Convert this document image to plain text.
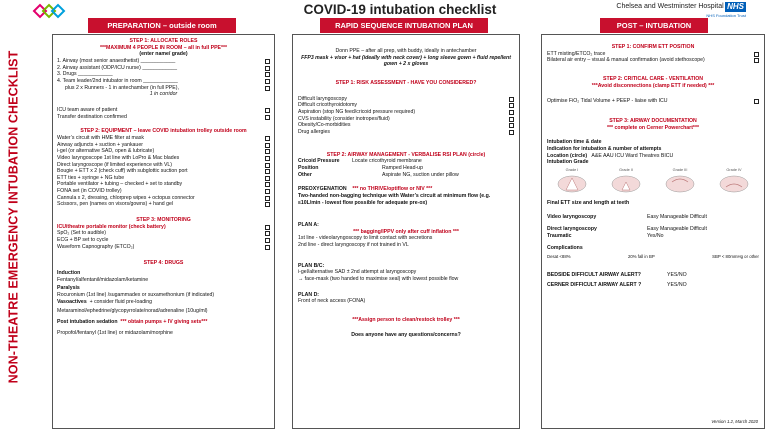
NON-THEATRE EMERGENCY INTUBATION CHECKLIST
COVID-19 intubation checklist	Chelsea and Westminster Hospital NHS
NHS Foundation Trust
PREPARATION – outside room	RAPID SEQUENCE INTUBATION PLAN	POST – INTUBATION
STEP 1: ALLOCATE ROLES
***MAXIMUM 4 PEOPLE IN ROOM – all in full PPE***
(enter name/ grade)
1. Airway (most senior anaesthetist) ____________
2. Airway assistant (ODP/ICU nurse) ____________
3. Drugs ____________
4. Team leader/2nd intubator in room ____________
plus 2 x Runners - 1 in antechamber (in full PPE),
1 in corridor
ICU team aware of patient
Transfer destination confirmed
STEP 2: EQUIPMENT – leave COVID intubation trolley outside room
Water’s circuit with HME filter at mask
Airway adjuncts + suction + yankauer
i-gel (or alternative SAD, open & lubricate)
Video laryngoscope 1st line with LoPro & Mac blades
Direct laryngoscope (if limited experience with VL)
Bougie + ETT x 2 (check cuff) with subglottic suction port
ETT ties + syringe + NG tube
Portable ventilator + tubing – checked + set to standby
FONA set (in COVID trolley)
Cannula x 2, dressing, chlorprep wipes + octopus connector
Scissors, pen (names on visors/gowns) + hand gel
STEP 3: MONITORING
ICU/theatre portable monitor (check battery)
SpO₂ (Set to audible)
ECG + BP set to cycle
Waveform Capnography (ETCO₂)
STEP 4: DRUGS
Induction
Fentanyl/alfentanil/midazolam/ketamine
Paralysis
Rocuronium (1st line) /sugammadex or suxamethonium (if indicated)
Vasoactives + consider fluid pre-loading
Metaraminol/ephedrine/glycopyrrolate/norad/adrenaline (10ug/ml)
Post intubation sedation *** obtain pumps + IV giving sets***
Propofol/fentanyl (1st line) or midazolam/morphine
Donn PPE – after all prep, with buddy, ideally in antechamber
FFP3 mask + visor + hat (ideally with neck cover) + long sleeve gown + fluid repellent gown + 2 x gloves
STEP 1: RISK ASSESSMENT - HAVE YOU CONSIDERED?
Difficult laryngoscopy
Difficult cricothyroidotomy
Aspiration (stop NG feed/cricoid pressure required)
CVS instability (consider inotropes/fluid)
Obesity/Co-morbidities
Drug allergies
STEP 2: AIRWAY MANAGEMENT - VERBALISE RSI PLAN (circle)
Cricoid Pressure	Locate cricothyroid membrane
Position	Ramped Head-up
Other	Aspirate NG, suction under pillow
PREOXYGENATION *** no THRIVE/optiflow or NIV ***
Two-handed non-bagging technique with Water’s circuit at minimum flow (e.g. ≤10L/min - lowest flow possible for adequate pre-ox)
PLAN A:
*** bagging/IPPV only after cuff inflation ***
1st line - videolaryngoscopy to limit contact with secretions
2nd line - direct laryngoscopy if not trained in VL
PLAN B/C:
i-gel/alternative SAD ± 2nd attempt at laryngoscopy
→ face-mask (two handed to maximise seal) with lowest possible flow
PLAN D:
Front of neck access (FONA)
***Assign person to clean/restock trolley ***
Does anyone have any questions/concerns?
STEP 1: CONFIRM ETT POSITION
ETT misting/ETCO₂ trace
Bilateral air entry – visual & manual confirmation (avoid stethoscope)
STEP 2: CRITICAL CARE - VENTILATION
***Avoid disconnections (clamp ETT if needed) ***
Optimise FiO₂ Tidal Volume + PEEP - liaise with ICU
STEP 3: AIRWAY DOCUMENTATION
*** complete on Cerner Powerchart***
Intubation time & date
Indication for intubation & number of attempts
Location (circle) A&E AAU ICU Ward Theatres BICU
Intubation Grade
Grade I	Grade II	Grade III	Grade IV
Final ETT size and length at teeth
Video laryngoscopy	Easy Manageable Difficult
Direct laryngoscopy	Easy Manageable Difficult
Traumatic	Yes/No
Complications
Desat <88%	20% fall in BP	SBP < 80mmHg or other
BEDSIDE DIFFICULT AIRWAY ALERT?	YES/NO
CERNER DIFFICULT AIRWAY ALERT ?	YES/NO
Version 1.2, March 2020
